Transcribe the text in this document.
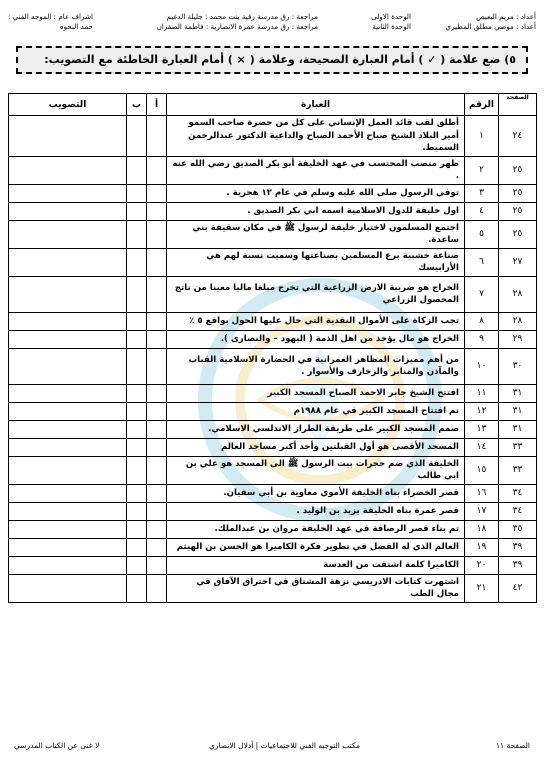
أعداد : مريم البعيص
أعداد : موضي مطلق المطيري
الوحدة الاولى
الوحدة الثانية
مراجعة : رق مدرسة رقية بنت محمد : جليلة الدغيم
مراجعة : رق مدرسة عمرة الانصارية : فاطمة الصفران
اشراف عام : الموجه الفني :
حمد البحوه
٥) ضع علامة ( ✓ ) أمام العبارة الصحيحة، وعلامة ( × ) أمام العبارة الخاطئة مع التصويب:
الصفحة	الرقم	العبارة	أ	ب	التصويب
٢٤	١	أطلق لقب قائد العمل الإنساني على كل من حضرة صاحب السمو أمير البلاد الشيخ صباح الأحمد الصباح والداعية الدكتور عبدالرحمن السميط.			
٢٥	٢	ظهر منصب المحتسب في عهد الخليفة أبو بكر الصديق رضي الله عنه .			
٢٥	٣	توفي الرسول صلى الله عليه وسلم في عام ١٢ هجرية .			
٢٥	٤	اول خليفة للدول الاسلامية اسمه ابي بكر الصديق .			
٢٥	٥	اجتمع المسلمون لاختيار خليفة لرسول ﷺ في مكان سقيفة بني ساعدة.			
٢٧	٦	صناعة خشبية برع المسلمين بصناعتها وسميت نسبة لهم هي الأرابيسك			
٢٨	٧	الخراج هو ضريبة الارض الزراعية التي تخرج مبلغا ماليا معينا من ناتج المحصول الزراعي			
٢٨	٨	تجب الزكاة على الأموال النقدية التي حال عليها الحول بواقع ٥ ٪			
٢٩	٩	الخراج هو مال يؤخذ من اهل الذمة ( اليهود – والنصارى ).			
٣٠	١٠	من أهم مميزات المظاهر العمرانية في الحضارة الاسلامية القباب والمآذن والمنابر والزخارف والأسوار .			
٣١	١١	افتتح الشيخ جابر الاحمد الصباح المسجد الكبير			
٣١	١٢	تم افتتاح المسجد الكبير في عام ١٩٨٨م			
٣١	١٣	صمم المسجد الكبير على طريقة الطراز الاندلسي الاسلامي.			
٣٣	١٤	المسجد الأقصى هو أول القبلتين وأحد أكبر مساجد العالم			
٣٣	١٥	الخليفة الذي ضم حجرات بيت الرسول ﷺ الى المسجد هو علي بن ابي طالب			
٣٤	١٦	قصر الخضراء بناه الخليفة الأموي معاوية بن أبي سفيان.			
٣٤	١٧	قصر عمرة بناه الخليفة يزيد بن الوليد .			
٣٥	١٨	تم بناء قصر الرصافة في عهد الخليفة مروان بن عبدالملك.			
٣٩	١٩	العالم الذي له الفضل في تطوير فكرة الكاميرا هو الحسن بن الهيثم			
٣٩	٢٠	الكاميرا كلمة اشتقت من العدسة			
٤٢	٢١	اشتهرت كتابات الادريسي نزهة المشتاق في اختراق الآفاق في مجال الطب			
الصفحة ١١
مكتب التوجيه الفني للاجتماعيات | أدلال الانصاري
لا غنى عن الكتاب المدرسي
